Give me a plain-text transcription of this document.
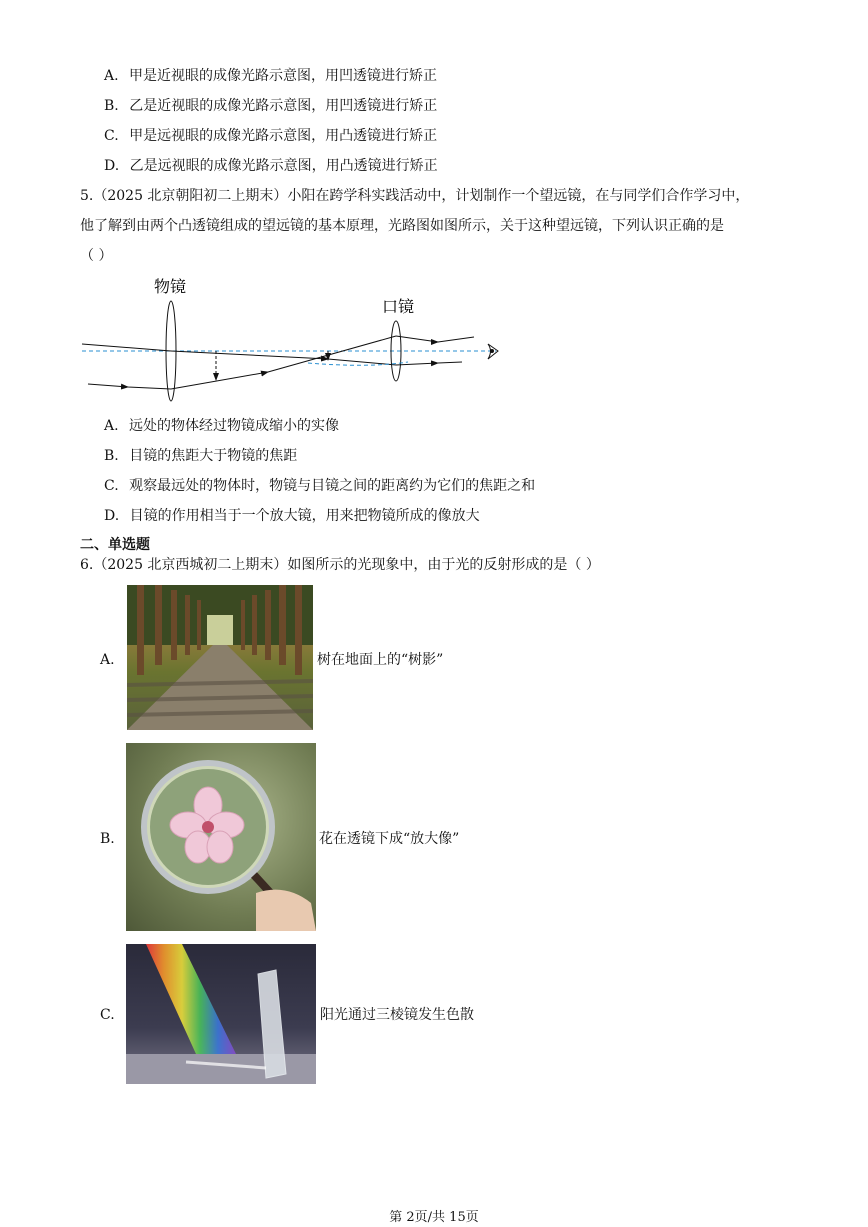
A. 甲是近视眼的成像光路示意图，用凹透镜进行矫正
B. 乙是近视眼的成像光路示意图，用凹透镜进行矫正
C. 甲是远视眼的成像光路示意图，用凸透镜进行矫正
D. 乙是远视眼的成像光路示意图，用凸透镜进行矫正
5.（2025 北京朝阳初二上期末）小阳在跨学科实践活动中，计划制作一个望远镜，在与同学们合作学习中，
他了解到由两个凸透镜组成的望远镜的基本原理，光路图如图所示，关于这种望远镜，下列认识正确的是
（ ）
物镜
口镜
A. 远处的物体经过物镜成缩小的实像
B. 目镜的焦距大于物镜的焦距
C. 观察最远处的物体时，物镜与目镜之间的距离约为它们的焦距之和
D. 目镜的作用相当于一个放大镜，用来把物镜所成的像放大
二、单选题
6.（2025 北京西城初二上期末）如图所示的光现象中，由于光的反射形成的是（ ）
A.	树在地面上的“树影”
B.	花在透镜下成“放大像”
C.	阳光通过三棱镜发生色散
第 2页/共 15页
